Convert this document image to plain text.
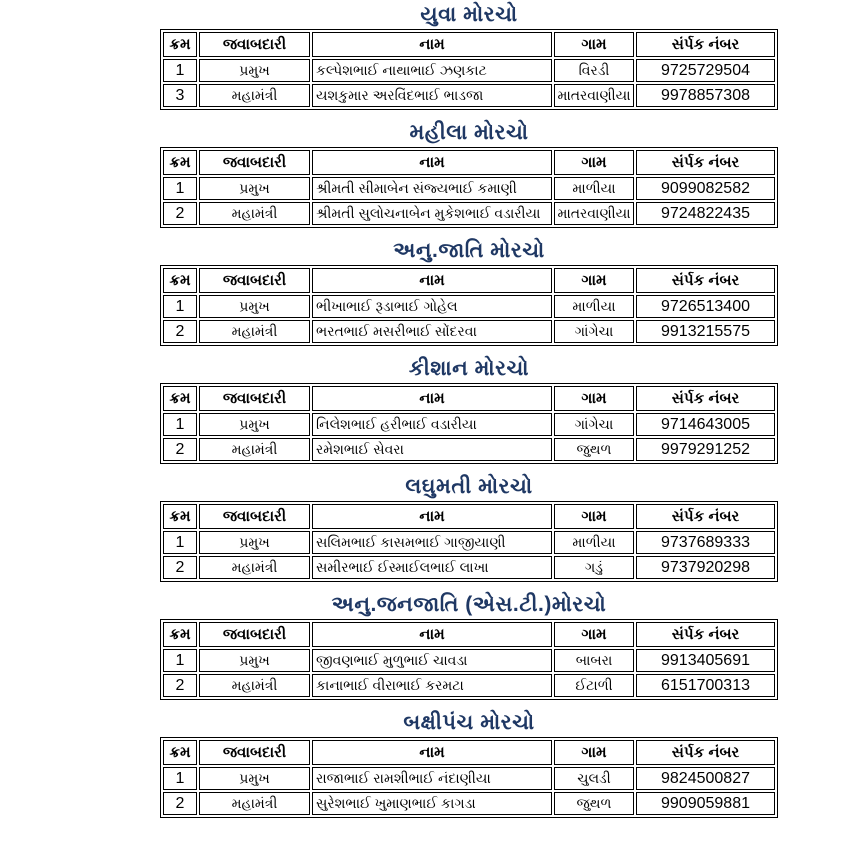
યુવા મોરચો
ક્રમ	જવાબદારી	નામ	ગામ	સંર્પક નંબર
1	પ્રમુખ	કલ્પેશભાઈ નાથાભાઈ ઝણકાટ	વિરડી	9725729504
3	મહામંત્રી	યશકુમાર અરવિંદભાઈ ભાડજા	માતરવાણીયા	9978857308
મહીલા મોરચો
ક્રમ	જવાબદારી	નામ	ગામ	સંર્પક નંબર
1	પ્રમુખ	શ્રીમતી સીમાબેન સંજ્યભાઈ કમાણી	માળીયા	9099082582
2	મહામંત્રી	શ્રીમતી સુલોચનાબેન મુકેશભાઈ વડારીયા	માતરવાણીયા	9724822435
અનુ.જાતિ મોરચો
ક્રમ	જવાબદારી	નામ	ગામ	સંર્પક નંબર
1	પ્રમુખ	ભીખાભાઈ રૂડાભાઈ ગોહેલ	માળીયા	9726513400
2	મહામંત્રી	ભરતભાઈ મસરીભાઈ સોંદરવા	ગાંગેચા	9913215575
કીશાન મોરચો
ક્રમ	જવાબદારી	નામ	ગામ	સંર્પક નંબર
1	પ્રમુખ	નિલેશભાઈ હરીભાઈ વડારીયા	ગાંગેચા	9714643005
2	મહામંત્રી	રમેશભાઈ સેવરા	જુથળ	9979291252
લઘુમતી મોરચો
ક્રમ	જવાબદારી	નામ	ગામ	સંર્પક નંબર
1	પ્રમુખ	સલિમભાઈ કાસમભાઈ ગાજીયાણી	માળીયા	9737689333
2	મહામંત્રી	સમીરભાઈ ઈસ્માઈલભાઈ લાખા	ગડું	9737920298
અનુ.જનજાતિ (એસ.ટી.)મોરચો
ક્રમ	જવાબદારી	નામ	ગામ	સંર્પક નંબર
1	પ્રમુખ	જીવણભાઈ મુળુભાઈ ચાવડા	બાબરા	9913405691
2	મહામંત્રી	કાનાભાઈ વીરાભાઈ કરમટા	ઈટાળી	6151700313
બક્ષીપંચ મોરચો
ક્રમ	જવાબદારી	નામ	ગામ	સંર્પક નંબર
1	પ્રમુખ	રાજાભાઈ રામશીભાઈ નંદાણીયા	ચુલડી	9824500827
2	મહામંત્રી	સુરેશભાઈ ખુમાણભાઈ કાગડા	જુથળ	9909059881
